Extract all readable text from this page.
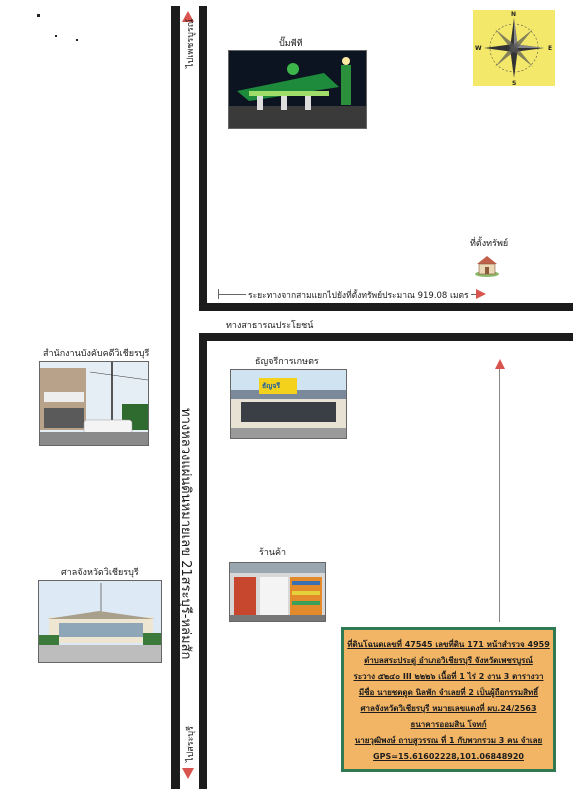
ไปเพชรบูรณ์
ไปสระบุรี
ทางหลวงแผ่นดินหมายเลข 21สระบุรี-หล่มสัก
ทางสาธารณประโยชน์
ระยะทางจากสามแยกไปยังที่ตั้งทรัพย์ประมาณ 919.08 เมตร
N
S
E
W
ปั๊มพีที
ที่ตั้งทรัพย์
ธัญจรีการเกษตร
ธัญจรี
สำนักงานบังคับคดีวิเชียรบุรี
ร้านค้า
ศาลจังหวัดวิเชียรบุรี
ที่ดินโฉนดเลขที่ 47545 เลขที่ดิน 171 หน้าสำรวจ 4959
ตำบลสระประดู่ อำเภอวิเชียรบุรี จังหวัดเพชรบูรณ์
ระวาง ๕๒๔๐ III ๒๒๒๖ เนื้อที่ 1 ไร่ 2 งาน 3 ตารางวา
มีชื่อ นายชดดูด นิลพัก จำเลยที่ 2 เป็นผู้ถือกรรมสิทธิ์
ศาลจังหวัดวิเชียรบุรี หมายเลขแดงที่ ผบ.24/2563
ธนาคารออมสิน โจทก์
นายวุฒิพงษ์ ถาบสูวรรณ ที่ 1 กับพวกรวม 3 คน จำเลย
GPS=15.61602228,101.06848920
